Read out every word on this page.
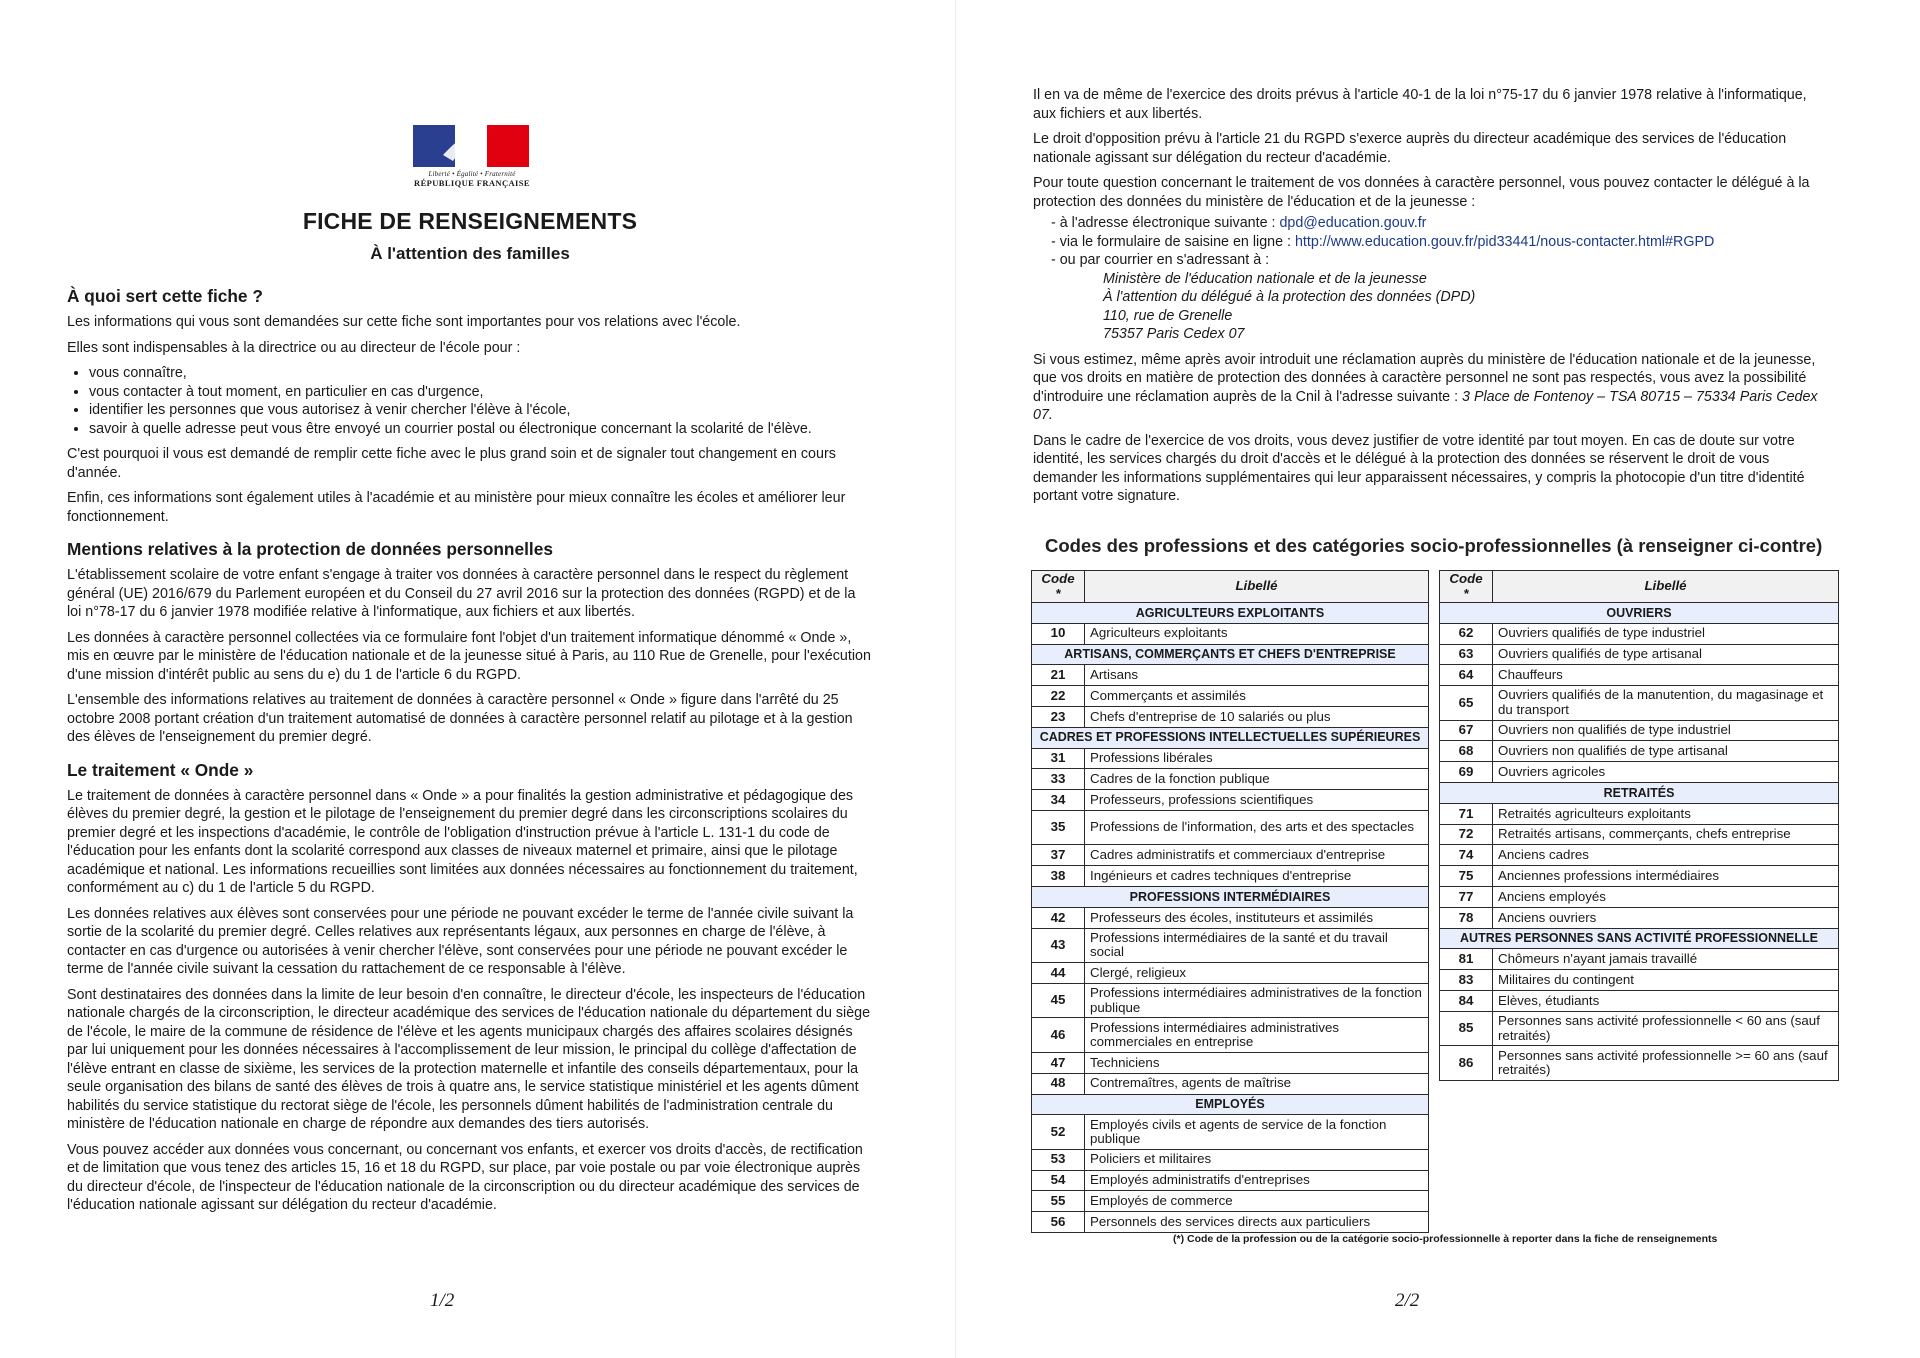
Liberté • Égalité • Fraternité
RÉPUBLIQUE FRANÇAISE
FICHE DE RENSEIGNEMENTS
À l'attention des familles
À quoi sert cette fiche ?

Les informations qui vous sont demandées sur cette fiche sont importantes pour vos relations avec l'école.

Elles sont indispensables à la directrice ou au directeur de l'école pour :

• vous connaître,
• vous contacter à tout moment, en particulier en cas d'urgence,
• identifier les personnes que vous autorisez à venir chercher l'élève à l'école,
• savoir à quelle adresse peut vous être envoyé un courrier postal ou électronique concernant la scolarité de l'élève.

C'est pourquoi il vous est demandé de remplir cette fiche avec le plus grand soin et de signaler tout changement en cours d'année.

Enfin, ces informations sont également utiles à l'académie et au ministère pour mieux connaître les écoles et améliorer leur fonctionnement.

Mentions relatives à la protection de données personnelles

L'établissement scolaire de votre enfant s'engage à traiter vos données à caractère personnel dans le respect du règlement général (UE) 2016/679 du Parlement européen et du Conseil du 27 avril 2016 sur la protection des données (RGPD) et de la loi n°78-17 du 6 janvier 1978 modifiée relative à l'informatique, aux fichiers et aux libertés.

Les données à caractère personnel collectées via ce formulaire font l'objet d'un traitement informatique dénommé « Onde », mis en œuvre par le ministère de l'éducation nationale et de la jeunesse situé à Paris, au 110 Rue de Grenelle, pour l'exécution d'une mission d'intérêt public au sens du e) du 1 de l'article 6 du RGPD.

L'ensemble des informations relatives au traitement de données à caractère personnel « Onde » figure dans l'arrêté du 25 octobre 2008 portant création d'un traitement automatisé de données à caractère personnel relatif au pilotage et à la gestion des élèves de l'enseignement du premier degré.

Le traitement « Onde »

Le traitement de données à caractère personnel dans « Onde » a pour finalités la gestion administrative et pédagogique des élèves du premier degré, la gestion et le pilotage de l'enseignement du premier degré dans les circonscriptions scolaires du premier degré et les inspections d'académie, le contrôle de l'obligation d'instruction prévue à l'article L. 131-1 du code de l'éducation pour les enfants dont la scolarité correspond aux classes de niveaux maternel et primaire, ainsi que le pilotage académique et national. Les informations recueillies sont limitées aux données nécessaires au fonctionnement du traitement, conformément au c) du 1 de l'article 5 du RGPD.

Les données relatives aux élèves sont conservées pour une période ne pouvant excéder le terme de l'année civile suivant la sortie de la scolarité du premier degré. Celles relatives aux représentants légaux, aux personnes en charge de l'élève, à contacter en cas d'urgence ou autorisées à venir chercher l'élève, sont conservées pour une période ne pouvant excéder le terme de l'année civile suivant la cessation du rattachement de ce responsable à l'élève.

Sont destinataires des données dans la limite de leur besoin d'en connaître, le directeur d'école, les inspecteurs de l'éducation nationale chargés de la circonscription, le directeur académique des services de l'éducation nationale du département du siège de l'école, le maire de la commune de résidence de l'élève et les agents municipaux chargés des affaires scolaires désignés par lui uniquement pour les données nécessaires à l'accomplissement de leur mission, le principal du collège d'affectation de l'élève entrant en classe de sixième, les services de la protection maternelle et infantile des conseils départementaux, pour la seule organisation des bilans de santé des élèves de trois à quatre ans, le service statistique ministériel et les agents dûment habilités du service statistique du rectorat siège de l'école, les personnels dûment habilités de l'administration centrale du ministère de l'éducation nationale en charge de répondre aux demandes des tiers autorisés.

Vous pouvez accéder aux données vous concernant, ou concernant vos enfants, et exercer vos droits d'accès, de rectification et de limitation que vous tenez des articles 15, 16 et 18 du RGPD, sur place, par voie postale ou par voie électronique auprès du directeur d'école, de l'inspecteur de l'éducation nationale de la circonscription ou du directeur académique des services de l'éducation nationale agissant sur délégation du recteur d'académie.

1/2

Il en va de même de l'exercice des droits prévus à l'article 40-1 de la loi n°75-17 du 6 janvier 1978 relative à l'informatique, aux fichiers et aux libertés.

Le droit d'opposition prévu à l'article 21 du RGPD s'exerce auprès du directeur académique des services de l'éducation nationale agissant sur délégation du recteur d'académie.

Pour toute question concernant le traitement de vos données à caractère personnel, vous pouvez contacter le délégué à la protection des données du ministère de l'éducation et de la jeunesse :

- à l'adresse électronique suivante : dpd@education.gouv.fr
- via le formulaire de saisine en ligne : http://www.education.gouv.fr/pid33441/nous-contacter.html#RGPD
- ou par courrier en s'adressant à :
Ministère de l'éducation nationale et de la jeunesse
À l'attention du délégué à la protection des données (DPD)
110, rue de Grenelle
75357 Paris Cedex 07

Si vous estimez, même après avoir introduit une réclamation auprès du ministère de l'éducation nationale et de la jeunesse, que vos droits en matière de protection des données à caractère personnel ne sont pas respectés, vous avez la possibilité d'introduire une réclamation auprès de la Cnil à l'adresse suivante : 3 Place de Fontenoy – TSA 80715 – 75334 Paris Cedex 07.

Dans le cadre de l'exercice de vos droits, vous devez justifier de votre identité par tout moyen. En cas de doute sur votre identité, les services chargés du droit d'accès et le délégué à la protection des données se réservent le droit de vous demander les informations supplémentaires qui leur apparaissent nécessaires, y compris la photocopie d'un titre d'identité portant votre signature.

Codes des professions et des catégories socio-professionnelles (à renseigner ci-contre)
Code *	Libellé
AGRICULTEURS EXPLOITANTS	
10	Agriculteurs exploitants
ARTISANS, COMMERÇANTS ET CHEFS D'ENTREPRISE	
21	Artisans
22	Commerçants et assimilés
23	Chefs d'entreprise de 10 salariés ou plus
CADRES ET PROFESSIONS INTELLECTUELLES SUPÉRIEURES	
31	Professions libérales
33	Cadres de la fonction publique
34	Professeurs, professions scientifiques
35	Professions de l'information, des arts et des spectacles
37	Cadres administratifs et commerciaux d'entreprise
38	Ingénieurs et cadres techniques d'entreprise
PROFESSIONS INTERMÉDIAIRES	
42	Professeurs des écoles, instituteurs et assimilés
43	Professions intermédiaires de la santé et du travail social
44	Clergé, religieux
45	Professions intermédiaires administratives de la fonction publique
46	Professions intermédiaires administratives commerciales en entreprise
47	Techniciens
48	Contremaîtres, agents de maîtrise
EMPLOYÉS	
52	Employés civils et agents de service de la fonction publique
53	Policiers et militaires
54	Employés administratifs d'entreprises
55	Employés de commerce
56	Personnels des services directs aux particuliers
Code *	Libellé
OUVRIERS	
62	Ouvriers qualifiés de type industriel
63	Ouvriers qualifiés de type artisanal
64	Chauffeurs
65	Ouvriers qualifiés de la manutention, du magasinage et du transport
67	Ouvriers non qualifiés de type industriel
68	Ouvriers non qualifiés de type artisanal
69	Ouvriers agricoles
RETRAITÉS	
71	Retraités agriculteurs exploitants
72	Retraités artisans, commerçants, chefs entreprise
74	Anciens cadres
75	Anciennes professions intermédiaires
77	Anciens employés
78	Anciens ouvriers
AUTRES PERSONNES SANS ACTIVITÉ PROFESSIONNELLE	
81	Chômeurs n'ayant jamais travaillé
83	Militaires du contingent
84	Elèves, étudiants
85	Personnes sans activité professionnelle < 60 ans (sauf retraités)
86	Personnes sans activité professionnelle >= 60 ans (sauf retraités)
(*) Code de la profession ou de la catégorie socio-professionnelle à reporter dans la fiche de renseignements
2/2
